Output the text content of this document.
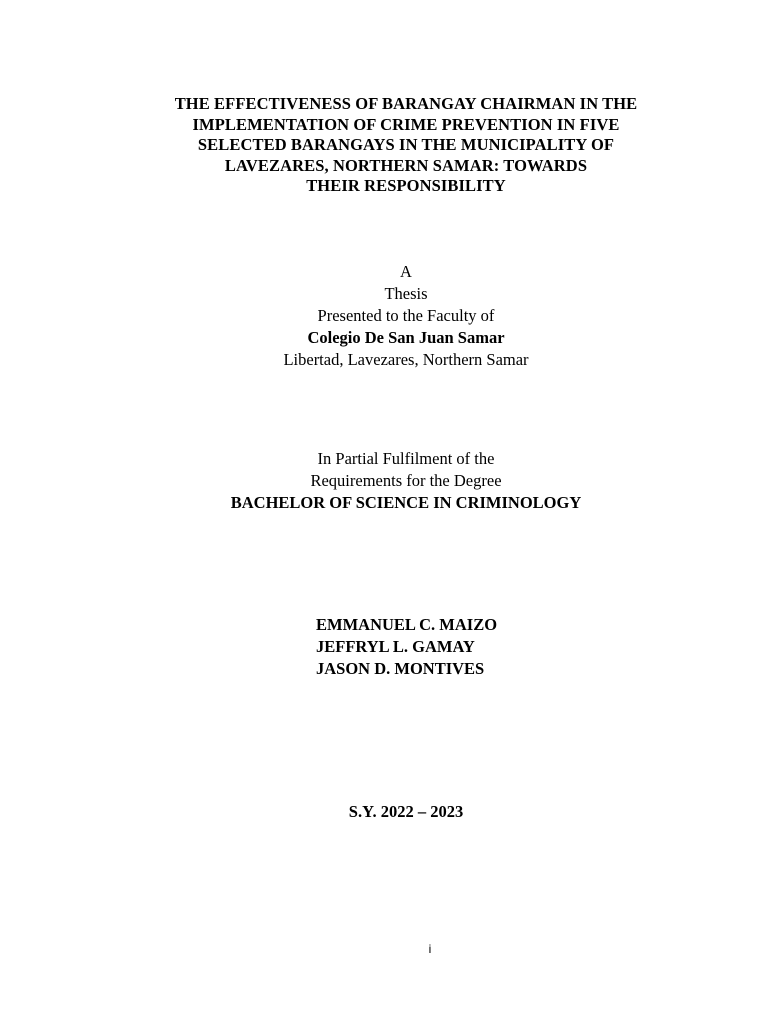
THE EFFECTIVENESS OF BARANGAY CHAIRMAN IN THE
IMPLEMENTATION OF CRIME PREVENTION IN FIVE
SELECTED BARANGAYS IN THE MUNICIPALITY OF
LAVEZARES, NORTHERN SAMAR: TOWARDS
THEIR RESPONSIBILITY
A
Thesis
Presented to the Faculty of
Colegio De San Juan Samar
Libertad, Lavezares, Northern Samar
In Partial Fulfilment of the
Requirements for the Degree
BACHELOR OF SCIENCE IN CRIMINOLOGY
EMMANUEL C. MAIZO
JEFFRYL L. GAMAY
JASON D. MONTIVES
S.Y. 2022 – 2023
i
